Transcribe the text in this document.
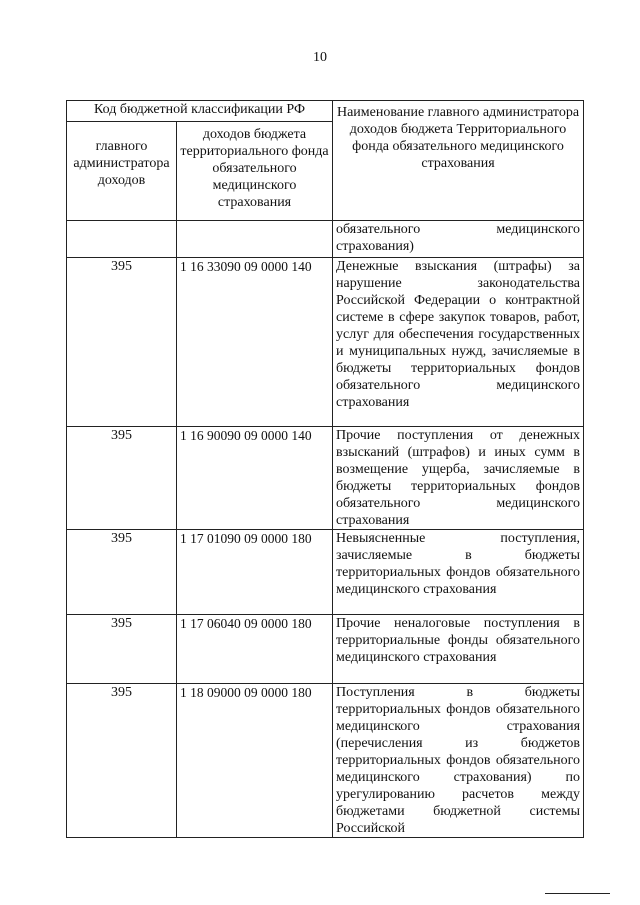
10
Код бюджетной классификации РФ		Наименование главного администратора доходов бюджета Территориального фонда обязательного медицинского страхования
главного администратора доходов	доходов бюджета территориального фонда обязательного медицинского страхования	

		обязательного медицинского
страхования)

395	1 16 33090 09 0000 140	Денежные взыскания (штрафы) за нарушение законодательства Российской Федерации о контрактной системе в сфере закупок товаров, работ, услуг для обеспечения государственных и муниципальных нужд, зачисляемые в бюджеты территориальных фондов обязательного медицинского страхования
395	1 16 90090 09 0000 140	Прочие поступления от денежных взысканий (штрафов) и иных сумм в возмещение ущерба, зачисляемые в бюджеты территориальных фондов обязательного медицинского страхования
395	1 17 01090 09 0000 180	Невыясненные поступления, зачисляемые в бюджеты территориальных фондов обязательного медицинского страхования
395	1 17 06040 09 0000 180	Прочие неналоговые поступления в территориальные фонды обязательного медицинского страхования
395	1 18 09000 09 0000 180	Поступления в бюджеты территориальных фондов обязательного медицинского страхования (перечисления из бюджетов территориальных фондов обязательного медицинского страхования) по урегулированию расчетов между бюджетами бюджетной системы Российской
